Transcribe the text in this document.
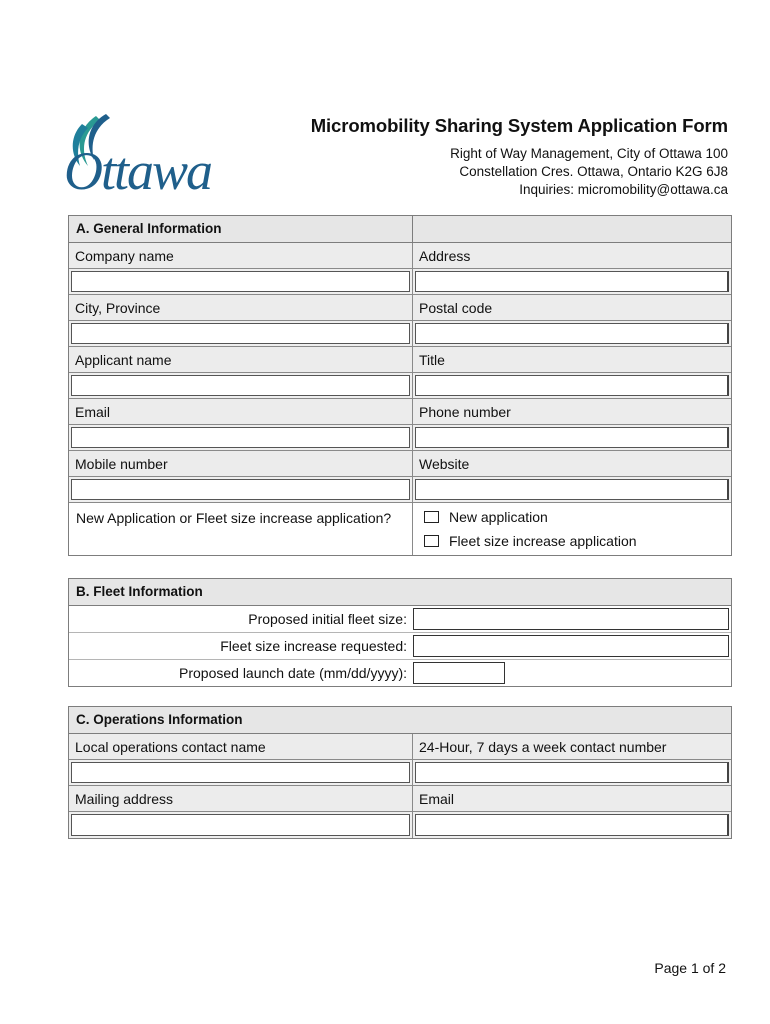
Ottawa
Micromobility Sharing System Application Form
Right of Way Management, City of Ottawa 100
Constellation Cres. Ottawa, Ontario K2G 6J8
Inquiries: micromobility@ottawa.ca
A. General Information
Company name	Address
City, Province	Postal code
Applicant name	Title
Email	Phone number
Mobile number	Website
New Application or Fleet size increase application?	New application
Fleet size increase application
B. Fleet Information
Proposed initial fleet size:
Fleet size increase requested:
Proposed launch date (mm/dd/yyyy):
C. Operations Information
Local operations contact name	24-Hour, 7 days a week contact number
Mailing address	Email
Page 1 of 2
